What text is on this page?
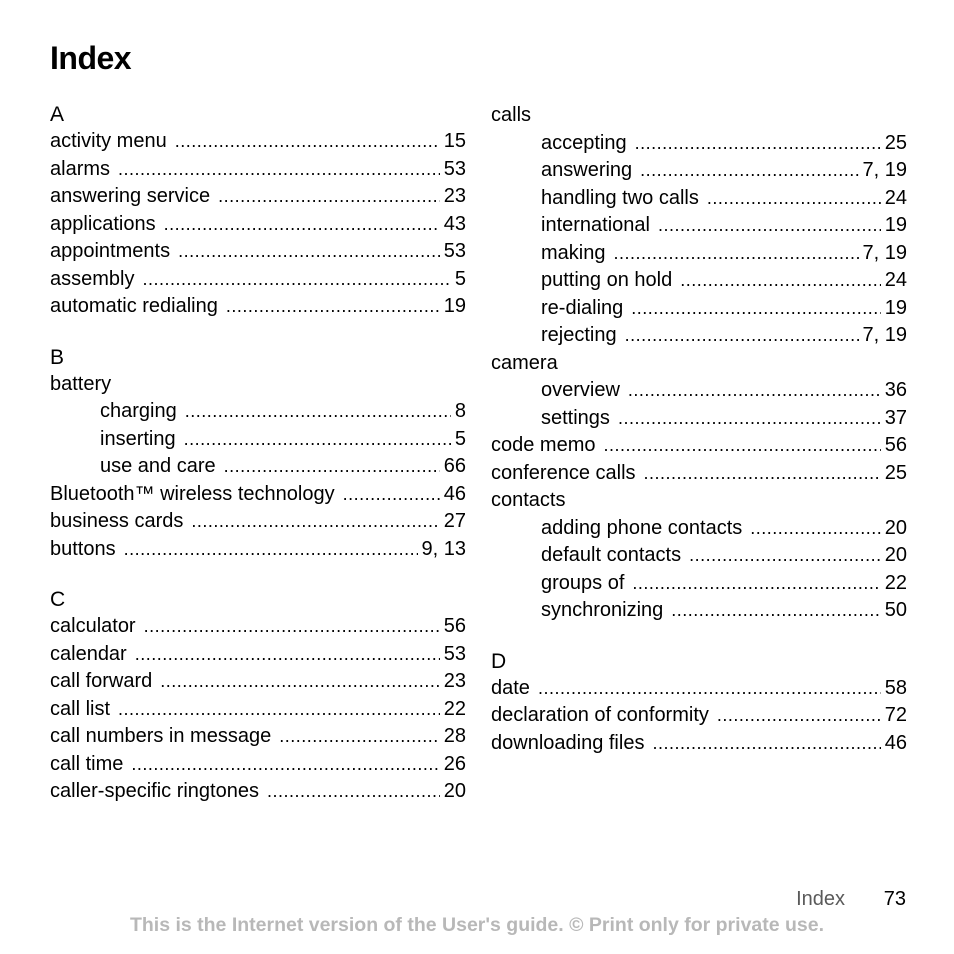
Index
A
activity menu .....	15
alarms .....	53
answering service .....	23
applications .....	43
appointments .....	53
assembly .....	5
automatic redialing .....	19
B
battery
charging .....	8
inserting .....	5
use and care .....	66
Bluetooth™ wireless technology .....	46
business cards .....	27
buttons .....	9, 13
C
calculator .....	56
calendar .....	53
call forward .....	23
call list .....	22
call numbers in message .....	28
call time .....	26
caller-specific ringtones .....	20
calls
accepting .....	25
answering .....	7, 19
handling two calls .....	24
international .....	19
making .....	7, 19
putting on hold .....	24
re-dialing .....	19
rejecting .....	7, 19
camera
overview .....	36
settings .....	37
code memo .....	56
conference calls .....	25
contacts
adding phone contacts .....	20
default contacts .....	20
groups of .....	22
synchronizing .....	50
D
date .....	58
declaration of conformity .....	72
downloading files .....	46
Index	73
This is the Internet version of the User's guide. © Print only for private use.
